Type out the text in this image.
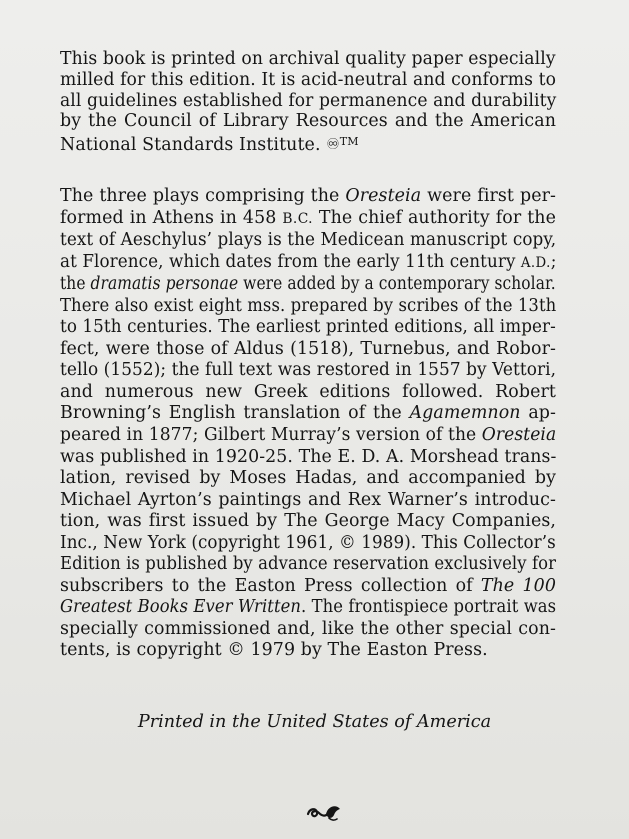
This book is printed on archival quality paper especially
milled for this edition. It is acid-neutral and conforms to
all guidelines established for permanence and durability
by the Council of Library Resources and the American
National Standards Institute. ♾™
The three plays comprising the Oresteia were first per-
formed in Athens in 458 B.C. The chief authority for the
text of Aeschylus’ plays is the Medicean manuscript copy,
at Florence, which dates from the early 11th century A.D.;
the dramatis personae were added by a contemporary scholar.
There also exist eight mss. prepared by scribes of the 13th
to 15th centuries. The earliest printed editions, all imper-
fect, were those of Aldus (1518), Turnebus, and Robor-
tello (1552); the full text was restored in 1557 by Vettori,
and numerous new Greek editions followed. Robert
Browning’s English translation of the Agamemnon ap-
peared in 1877; Gilbert Murray’s version of the Oresteia
was published in 1920-25. The E. D. A. Morshead trans-
lation, revised by Moses Hadas, and accompanied by
Michael Ayrton’s paintings and Rex Warner’s introduc-
tion, was first issued by The George Macy Companies,
Inc., New York (copyright 1961, © 1989). This Collector’s
Edition is published by advance reservation exclusively for
subscribers to the Easton Press collection of The 100
Greatest Books Ever Written. The frontispiece portrait was
specially commissioned and, like the other special con-
tents, is copyright © 1979 by The Easton Press.
Printed in the United States of America
